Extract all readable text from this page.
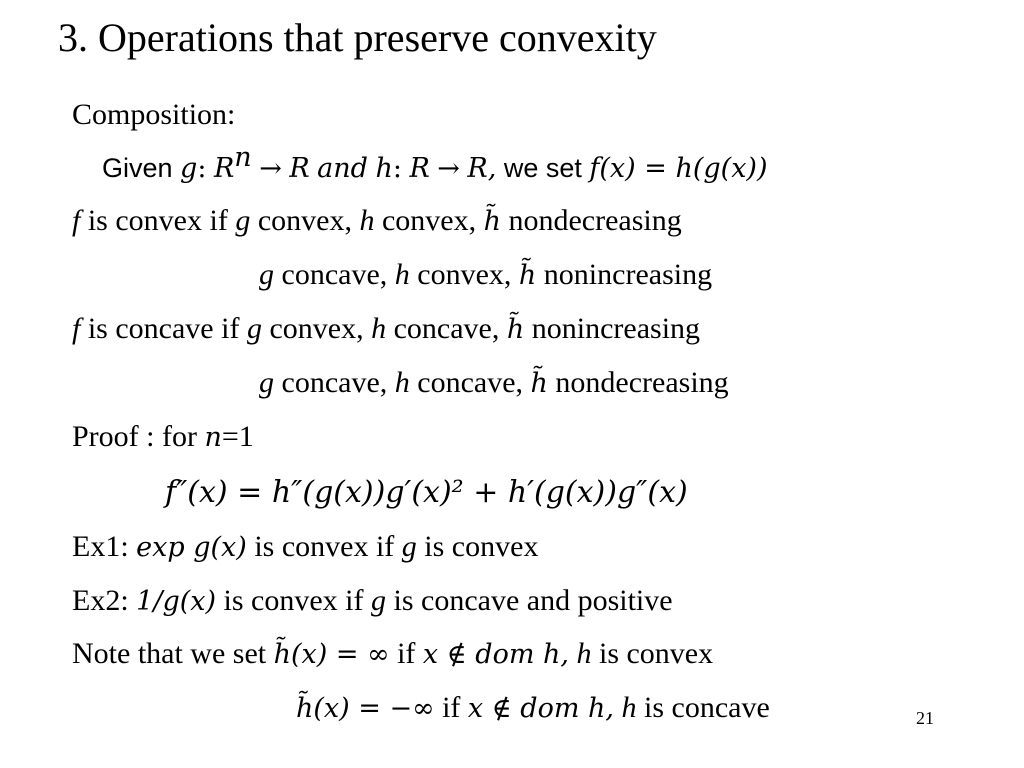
3. Operations that preserve convexity
Composition:
Given g: $R^n \to R$ and h: R → R, we set f(x) = h(g(x))
f is convex if g convex, h convex, h̃ nondecreasing
g concave, h convex, h̃ nonincreasing
f is concave if g convex, h concave, h̃ nonincreasing
g concave, h concave, h̃ nondecreasing
Proof : for n=1
f″(x) = h″(g(x))g′(x)² + h′(g(x))g″(x)
Ex1: exp g(x) is convex if g is convex
Ex2: 1/g(x) is convex if g is concave and positive
Note that we set h̃(x) = ∞ if x ∉ dom h, h is convex
h̃(x) = −∞ if x ∉ dom h, h is concave	21
